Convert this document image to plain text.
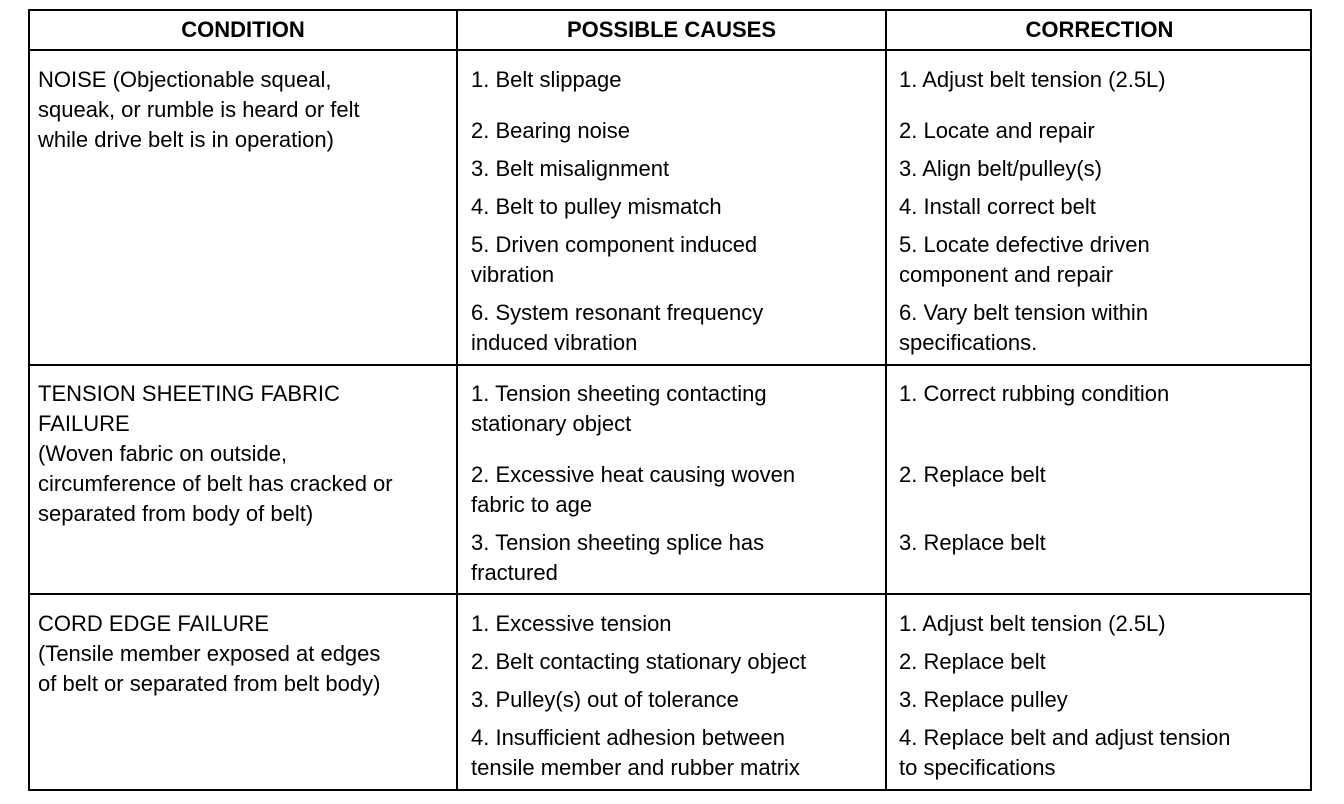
CONDITION	POSSIBLE CAUSES	CORRECTION
NOISE (Objectionable squeal,
squeak, or rumble is heard or felt
while drive belt is in operation)
1. Belt slippage
2. Bearing noise
3. Belt misalignment
4. Belt to pulley mismatch
5. Driven component induced
vibration
6. System resonant frequency
induced vibration
1. Adjust belt tension (2.5L)
2. Locate and repair
3. Align belt/pulley(s)
4. Install correct belt
5. Locate defective driven
component and repair
6. Vary belt tension within
specifications.
TENSION SHEETING FABRIC
FAILURE
(Woven fabric on outside,
circumference of belt has cracked or
separated from body of belt)
1. Tension sheeting contacting
stationary object
2. Excessive heat causing woven
fabric to age
3. Tension sheeting splice has
fractured
1. Correct rubbing condition
2. Replace belt
3. Replace belt
CORD EDGE FAILURE
(Tensile member exposed at edges
of belt or separated from belt body)
1. Excessive tension
2. Belt contacting stationary object
3. Pulley(s) out of tolerance
4. Insufficient adhesion between
tensile member and rubber matrix
1. Adjust belt tension (2.5L)
2. Replace belt
3. Replace pulley
4. Replace belt and adjust tension
to specifications
